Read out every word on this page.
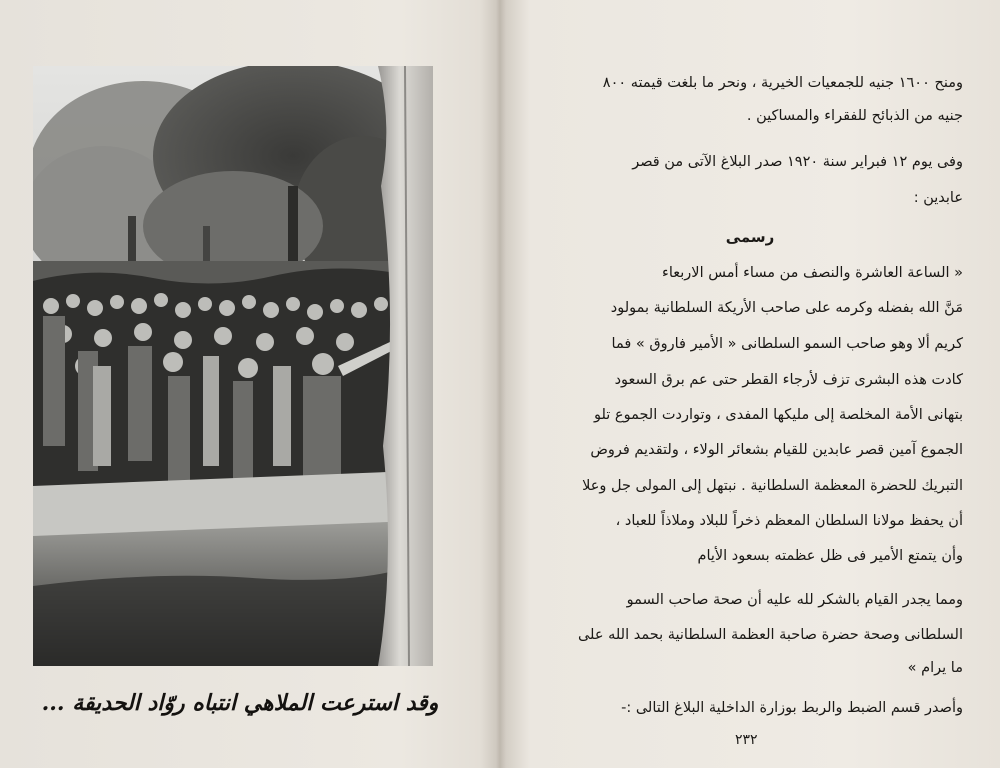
وقد استرعت الملاهي انتباه روّاد الحديقة ...
ومنح ١٦٠٠ جنيه للجمعيات الخيرية ، ونحر ما بلغت قيمته ٨٠٠
جنيه من الذبائح للفقراء والمساكين .
وفى يوم ١٢ فبراير سنة ١٩٢٠ صدر البلاغ الآتى من قصر
عابدين :
رسمى
« الساعة العاشرة والنصف من مساء أمس الاربعاء
مَنَّ الله بفضله وكرمه على صاحب الأريكة السلطانية بمولود
كريم ألا وهو صاحب السمو السلطانى « الأمير فاروق » فما
كادت هذه البشرى تزف لأرجاء القطر حتى عم برق السعود
بتهانى الأمة المخلصة إلى مليكها المفدى ، وتواردت الجموع تلو
الجموع آمين قصر عابدين للقيام بشعائر الولاء ، ولتقديم فروض
التبريك للحضرة المعظمة السلطانية . نبتهل إلى المولى جل وعلا
أن يحفظ مولانا السلطان المعظم ذخراً للبلاد وملاذاً للعباد ،
وأن يتمتع الأمير فى ظل عظمته بسعود الأيام
ومما يجدر القيام بالشكر لله عليه أن صحة صاحب السمو
السلطانى وصحة حضرة صاحبة العظمة السلطانية بحمد الله على
ما يرام »
وأصدر قسم الضبط والربط بوزارة الداخلية البلاغ التالى :-
٢٣٢
